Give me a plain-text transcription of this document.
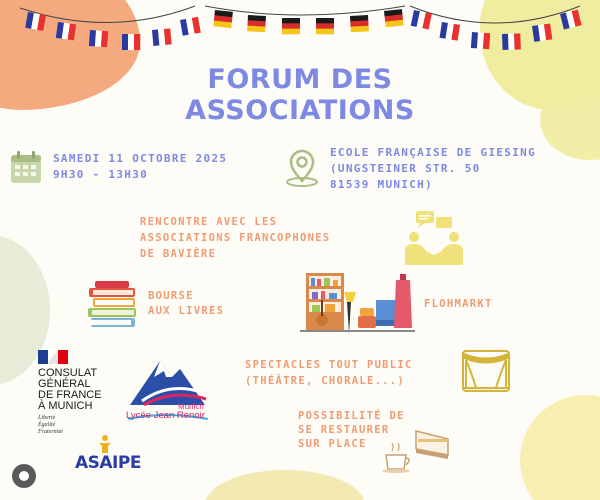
FORUM DES
ASSOCIATIONS
SAMEDI 11 OCTOBRE 2025
9H30 - 13H30
ECOLE FRANÇAISE DE GIESING
(UNGSTEINER STR. 50
81539 MUNICH)
RENCONTRE AVEC LES
ASSOCIATIONS FRANCOPHONES
DE BAVIÈRE
BOURSE
AUX LIVRES
FLOHMARKT
SPECTACLES TOUT PUBLIC
(THÉÂTRE, CHORALE...)
POSSIBILITÉ DE
SE RESTAURER
SUR PLACE
CONSULAT
GÉNÉRAL
DE FRANCE
À MUNICH
Liberté
Égalité
Fraternité
Munich
Lycée Jean Renoir
ASAIPE
